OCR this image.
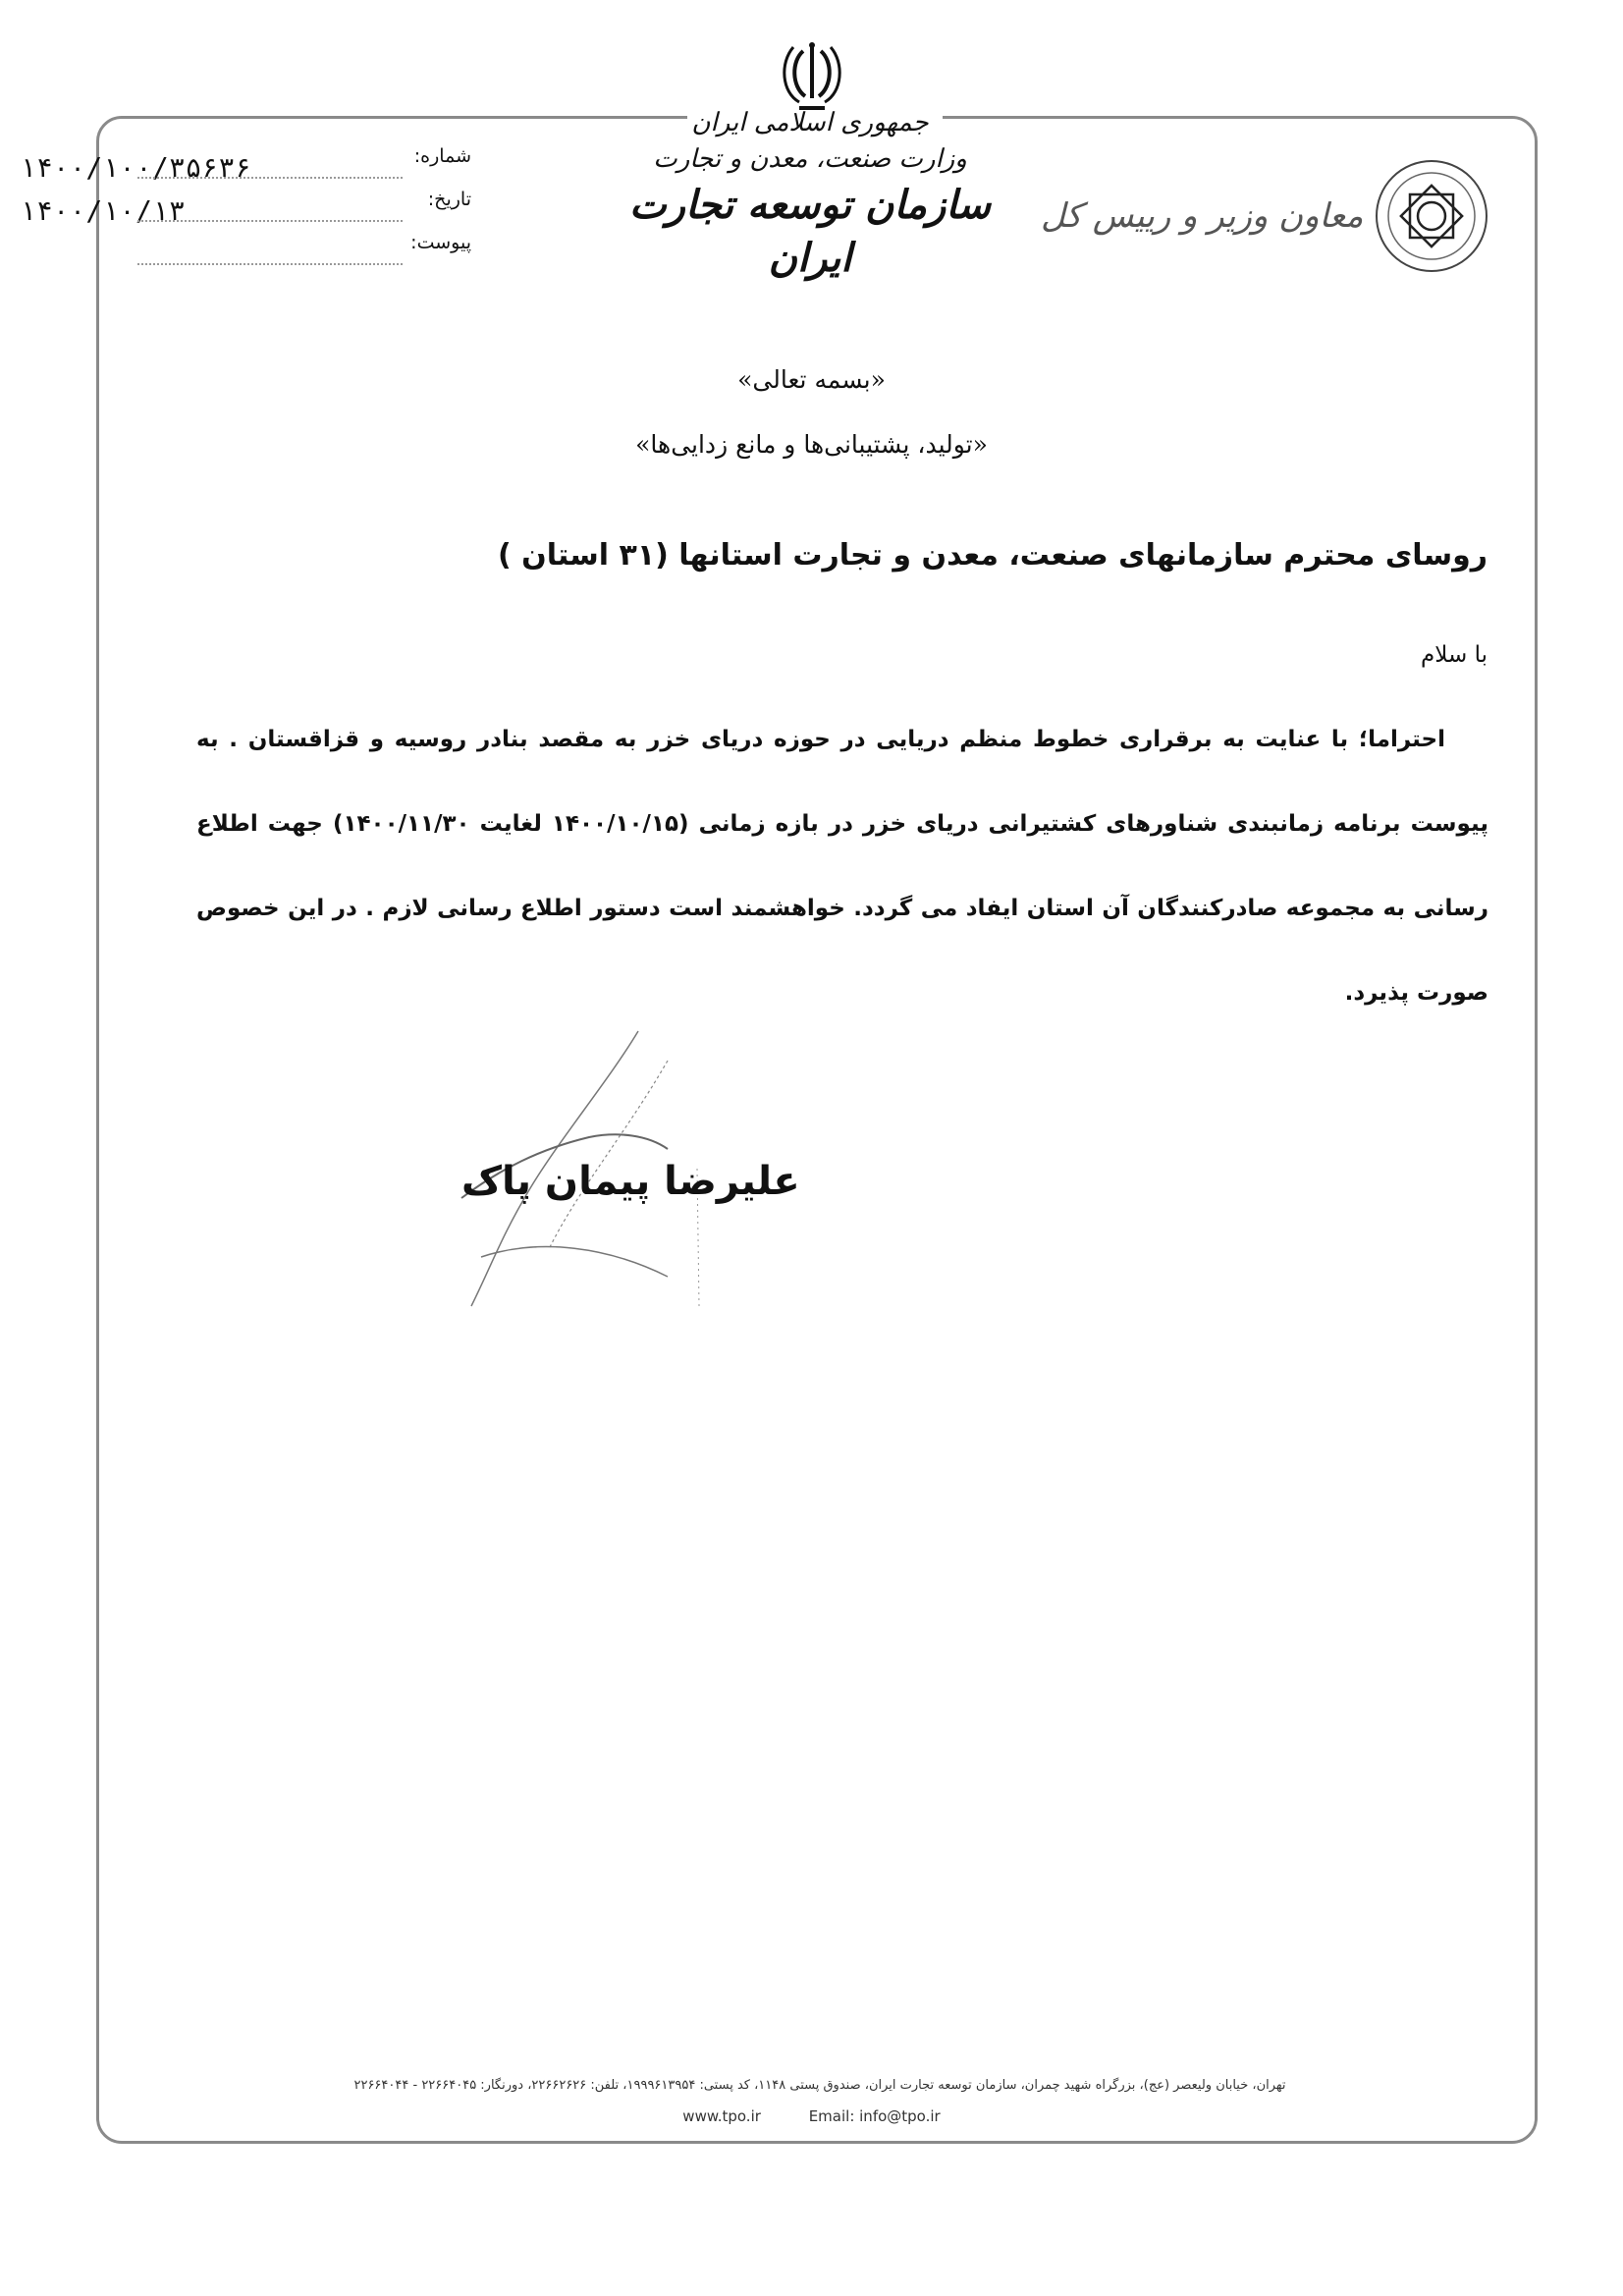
جمهوری اسلامی ایران
وزارت صنعت، معدن و تجارت
سازمان توسعه تجارت ایران
معاون وزیر و رییس کل
۱۴۰۰/۱۰۰/۳۵۶۳۶	شماره:
۱۴۰۰/۱۰/۱۳	تاریخ:
پیوست:
«بسمه تعالی»
«تولید، پشتیبانی‌ها و مانع زدایی‌ها»
روسای محترم سازمانهای صنعت، معدن و تجارت استانها (۳۱ استان )
با سلام
احتراما؛ با عنایت به برقراری خطوط منظم دریایی در حوزه دریای خزر به مقصد بنادر روسیه و قزاقستان . به پیوست برنامه زمانبندی شناورهای کشتیرانی دریای خزر در بازه زمانی (۱۴۰۰/۱۰/۱۵ لغایت ۱۴۰۰/۱۱/۳۰) جهت اطلاع رسانی به مجموعه صادرکنندگان آن استان ایفاد می گردد. خواهشمند است دستور اطلاع رسانی لازم . در این خصوص صورت پذیرد.
علیرضا پیمان پاک
تهران، خیابان ولیعصر (عج)، بزرگراه شهید چمران، سازمان توسعه تجارت ایران، صندوق پستی ۱۱۴۸، کد پستی: ۱۹۹۹۶۱۳۹۵۴، تلفن: ۲۲۶۶۲۶۲۶، دورنگار: ۲۲۶۶۴۰۴۵ - ۲۲۶۶۴۰۴۴
www.tpo.ir	Email: info@tpo.ir
